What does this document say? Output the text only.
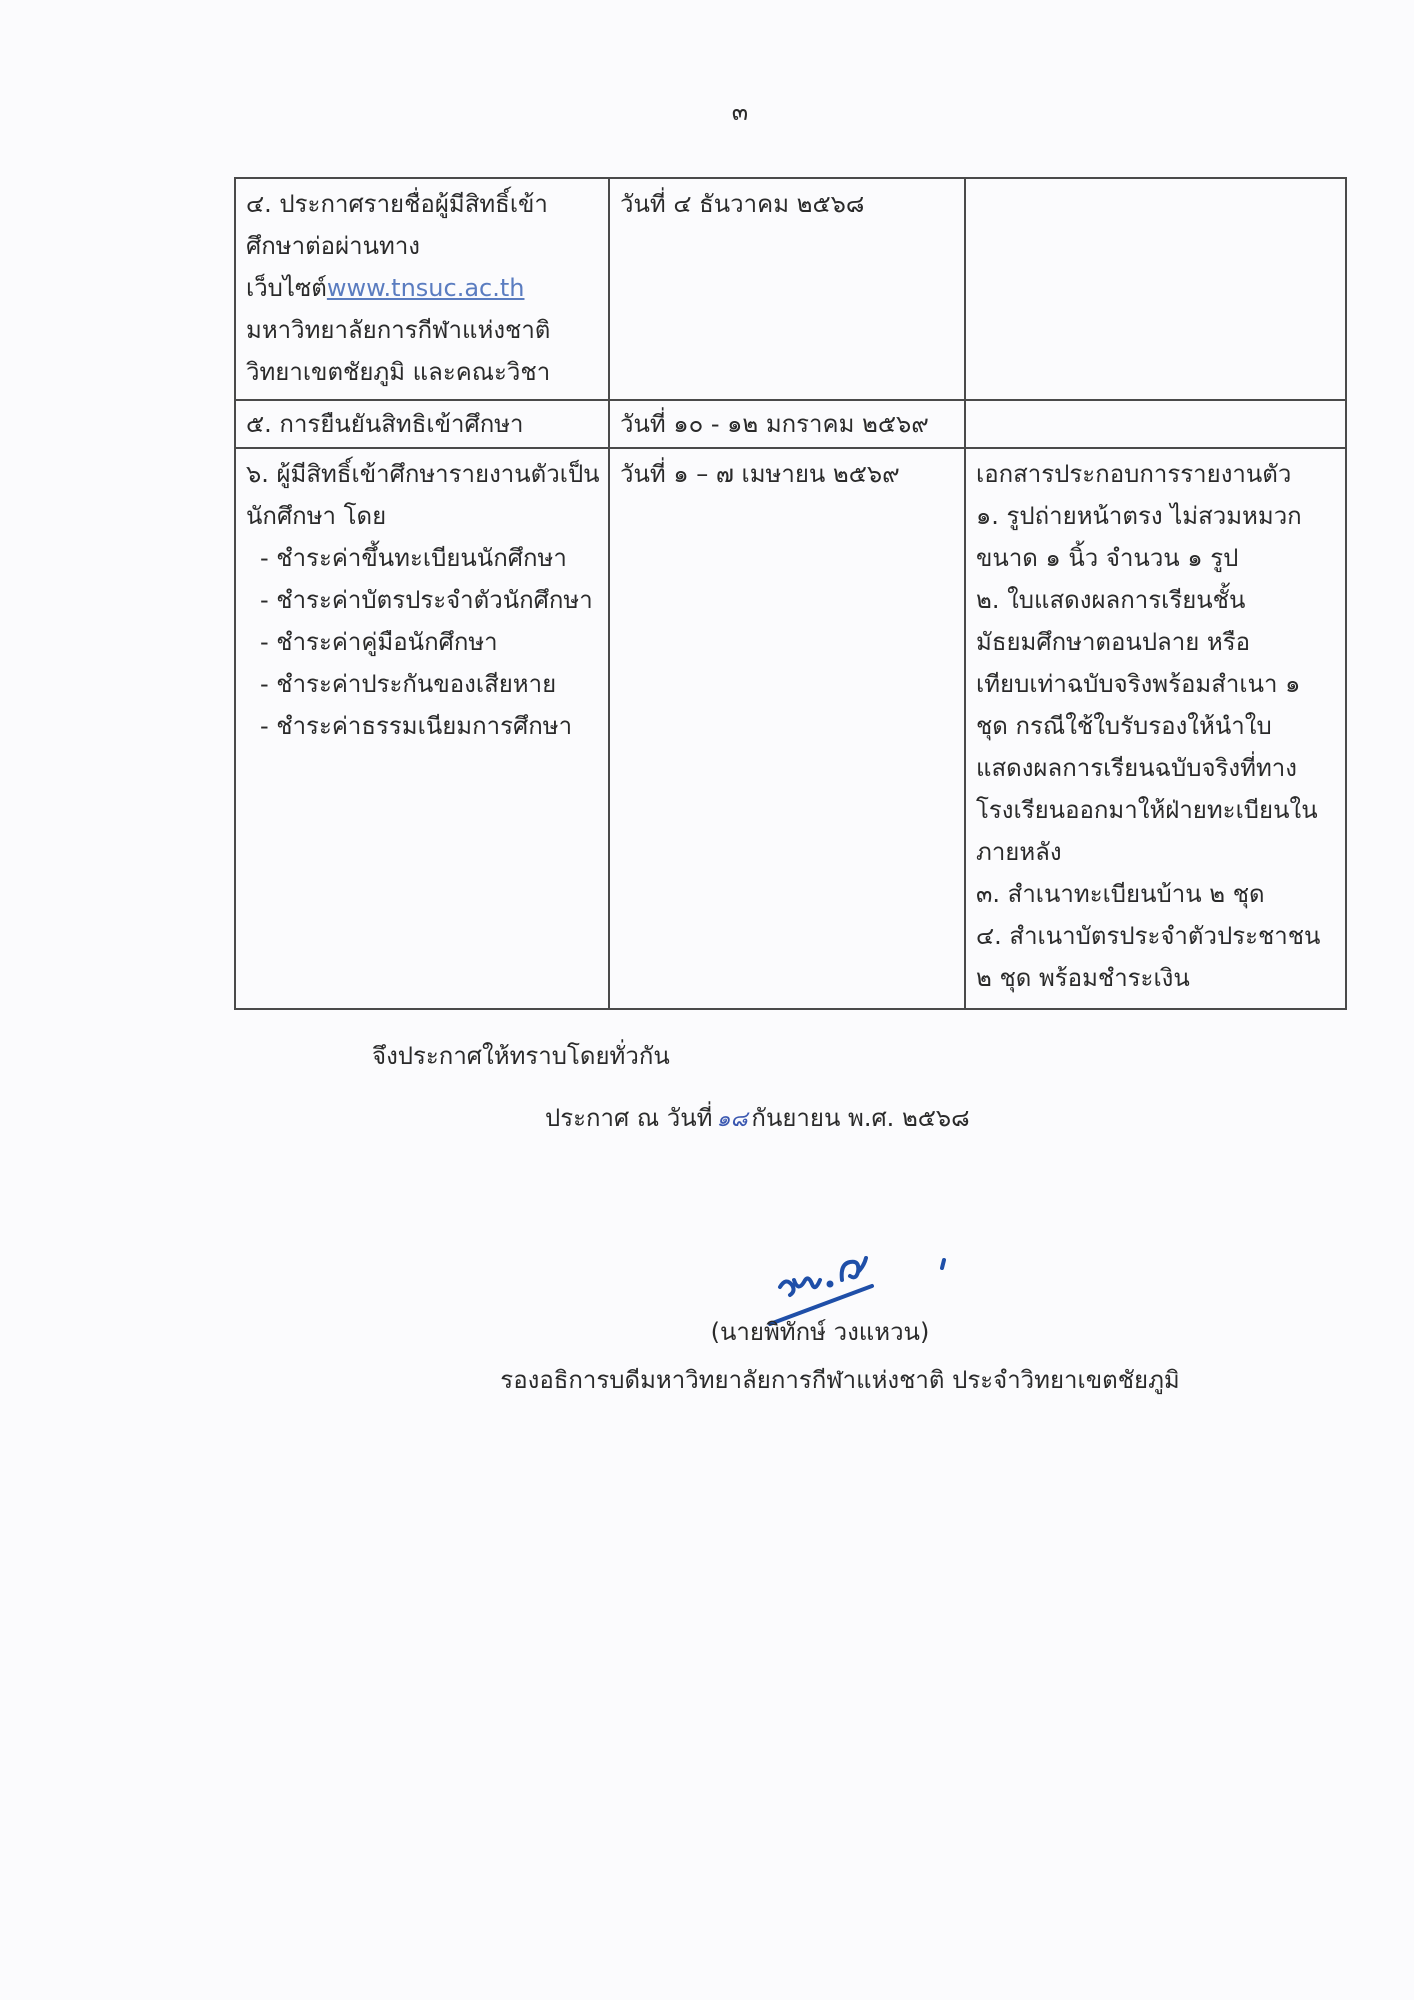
๓
๔. ประกาศรายชื่อผู้มีสิทธิ์เข้า
ศึกษาต่อผ่านทาง
เว็บไซต์www.tnsuc.ac.th
มหาวิทยาลัยการกีฬาแห่งชาติ
วิทยาเขตชัยภูมิ และคณะวิชา	วันที่ ๔ ธันวาคม ๒๕๖๘	

๕. การยืนยันสิทธิเข้าศึกษา	วันที่ ๑๐ - ๑๒ มกราคม ๒๕๖๙	

๖. ผู้มีสิทธิ์เข้าศึกษารายงานตัวเป็น
นักศึกษา โดย
- ชำระค่าขึ้นทะเบียนนักศึกษา
- ชำระค่าบัตรประจำตัวนักศึกษา
- ชำระค่าคู่มือนักศึกษา
- ชำระค่าประกันของเสียหาย
- ชำระค่าธรรมเนียมการศึกษา

วันที่ ๑ – ๗ เมษายน ๒๕๖๙	เอกสารประกอบการรายงานตัว
๑. รูปถ่ายหน้าตรง ไม่สวมหมวก
ขนาด ๑ นิ้ว จำนวน ๑ รูป
๒. ใบแสดงผลการเรียนชั้น
มัธยมศึกษาตอนปลาย หรือ
เทียบเท่าฉบับจริงพร้อมสำเนา ๑
ชุด กรณีใช้ใบรับรองให้นำใบ
แสดงผลการเรียนฉบับจริงที่ทาง
โรงเรียนออกมาให้ฝ่ายทะเบียนใน
ภายหลัง
๓. สำเนาทะเบียนบ้าน ๒ ชุด
๔. สำเนาบัตรประจำตัวประชาชน
๒ ชุด พร้อมชำระเงิน
จึงประกาศให้ทราบโดยทั่วกัน
ประกาศ ณ วันที่ ๑๘ กันยายน พ.ศ. ๒๕๖๘
(นายพิทักษ์ วงแหวน)
รองอธิการบดีมหาวิทยาลัยการกีฬาแห่งชาติ ประจำวิทยาเขตชัยภูมิ
